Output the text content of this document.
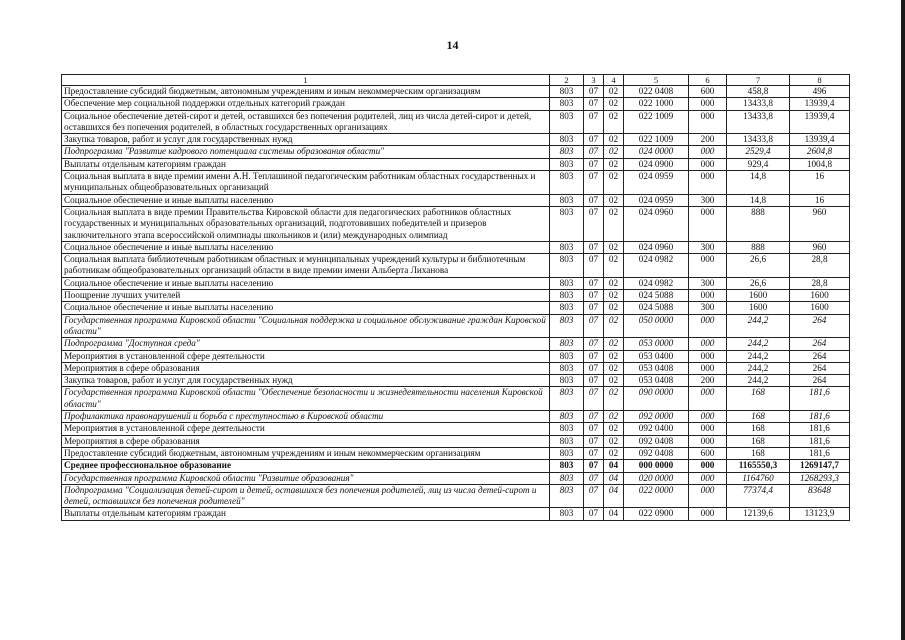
14
1	2	3	4	5	6	7	8
Предоставление субсидий бюджетным, автономным учреждениям и иным некоммерческим организациям	803	07	02	022 0408	600	458,8	496
Обеспечение мер социальной поддержки отдельных категорий граждан	803	07	02	022 1000	000	13433,8	13939,4
Социальное обеспечение детей-сирот и детей, оставшихся без попечения родителей, лиц из числа детей-сирот и детей, оставшихся без попечения родителей, в областных государственных организациях	803	07	02	022 1009	000	13433,8	13939,4
Закупка товаров, работ и услуг для государственных нужд	803	07	02	022 1009	200	13433,8	13939,4
Подпрограмма "Развитие кадрового потенциала системы образования области"	803	07	02	024 0000	000	2529,4	2604,8
Выплаты отдельным категориям граждан	803	07	02	024 0900	000	929,4	1004,8
Социальная выплата в виде премии имени А.Н. Теплашиной педагогическим работникам областных государственных и муниципальных общеобразовательных организаций	803	07	02	024 0959	000	14,8	16
Социальное обеспечение и иные выплаты населению	803	07	02	024 0959	300	14,8	16
Социальная выплата в виде премии Правительства Кировской области для педагогических работников областных государственных и муниципальных образовательных организаций, подготовивших победителей и призеров заключительного этапа всероссийской олимпиады школьников и (или) международных олимпиад	803	07	02	024 0960	000	888	960
Социальное обеспечение и иные выплаты населению	803	07	02	024 0960	300	888	960
Социальная выплата библиотечным работникам областных и муниципальных учреждений культуры и библиотечным работникам общеобразовательных организаций области в виде премии имени Альберта Лиханова	803	07	02	024 0982	000	26,6	28,8
Социальное обеспечение и иные выплаты населению	803	07	02	024 0982	300	26,6	28,8
Поощрение лучших учителей	803	07	02	024 5088	000	1600	1600
Социальное обеспечение и иные выплаты населению	803	07	02	024 5088	300	1600	1600
Государственная программа Кировской области "Социальная поддержка и социальное обслуживание граждан Кировской области"	803	07	02	050 0000	000	244,2	264
Подпрограмма "Доступная среда"	803	07	02	053 0000	000	244,2	264
Мероприятия в установленной сфере деятельности	803	07	02	053 0400	000	244,2	264
Мероприятия в сфере образования	803	07	02	053 0408	000	244,2	264
Закупка товаров, работ и услуг для государственных нужд	803	07	02	053 0408	200	244,2	264
Государственная программа Кировской области "Обеспечение безопасности и жизнедеятельности населения Кировской области"	803	07	02	090 0000	000	168	181,6
Профилактика правонарушений и борьба с преступностью в Кировской области	803	07	02	092 0000	000	168	181,6
Мероприятия в установленной сфере деятельности	803	07	02	092 0400	000	168	181,6
Мероприятия в сфере образования	803	07	02	092 0408	000	168	181,6
Предоставление субсидий бюджетным, автономным учреждениям и иным некоммерческим организациям	803	07	02	092 0408	600	168	181,6
Среднее профессиональное образование	803	07	04	000 0000	000	1165550,3	1269147,7
Государственная программа Кировской области "Развитие образования"	803	07	04	020 0000	000	1164760	1268293,3
Подпрограмма "Социализация детей-сирот и детей, оставшихся без попечения родителей, лиц из числа детей-сирот и детей, оставшихся без попечения родителей"	803	07	04	022 0000	000	77374,4	83648
Выплаты отдельным категориям граждан	803	07	04	022 0900	000	12139,6	13123,9
